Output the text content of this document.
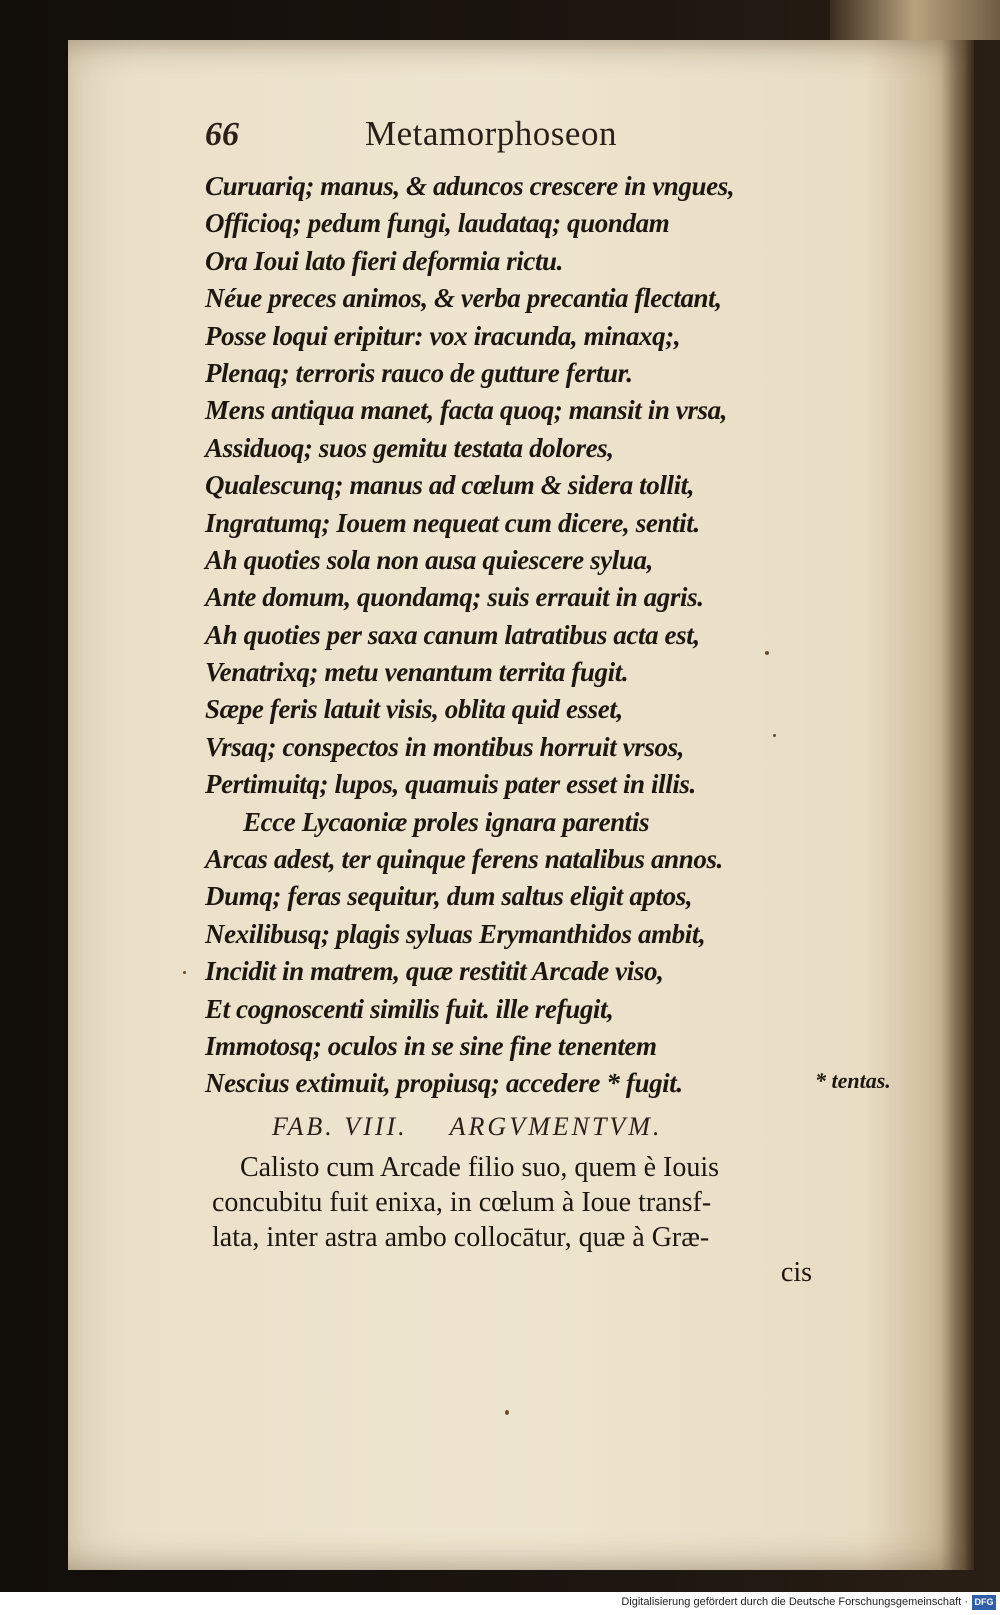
66	Metamorphoseon
Curuariq; manus, & aduncos crescere in vngues,
Officioq; pedum fungi, laudataq; quondam
Ora Ioui lato fieri deformia rictu.
Néue preces animos, & verba precantia flectant,
Posse loqui eripitur: vox iracunda, minaxq;,
Plenaq; terroris rauco de gutture fertur.
Mens antiqua manet, facta quoq; mansit in vrsa,
Assiduoq; suos gemitu testata dolores,
Qualescunq; manus ad cœlum & sidera tollit,
Ingratumq; Iouem nequeat cum dicere, sentit.
Ah quoties sola non ausa quiescere sylua,
Ante domum, quondamq; suis errauit in agris.
Ah quoties per saxa canum latratibus acta est,
Venatrixq; metu venantum territa fugit.
Sæpe feris latuit visis, oblita quid esset,
Vrsaq; conspectos in montibus horruit vrsos,
Pertimuitq; lupos, quamuis pater esset in illis.
Ecce Lycaoniæ proles ignara parentis
Arcas adest, ter quinque ferens natalibus annos.
Dumq; feras sequitur, dum saltus eligit aptos,
Nexilibusq; plagis syluas Erymanthidos ambit,
Incidit in matrem, quæ restitit Arcade viso,
Et cognoscenti similis fuit. ille refugit,
Immotosq; oculos in se sine fine tenentem
Nescius extimuit, propiusq; accedere * fugit.	* tentas.
FAB. VIII. ARGVMENTVM.
Calisto cum Arcade filio suo, quem è Iouis
concubitu fuit enixa, in cœlum à Ioue transf-
lata, inter astra ambo collocātur, quæ à Græ-
cis
Digitalisierung gefördert durch die Deutsche Forschungsgemeinschaft · DFG
